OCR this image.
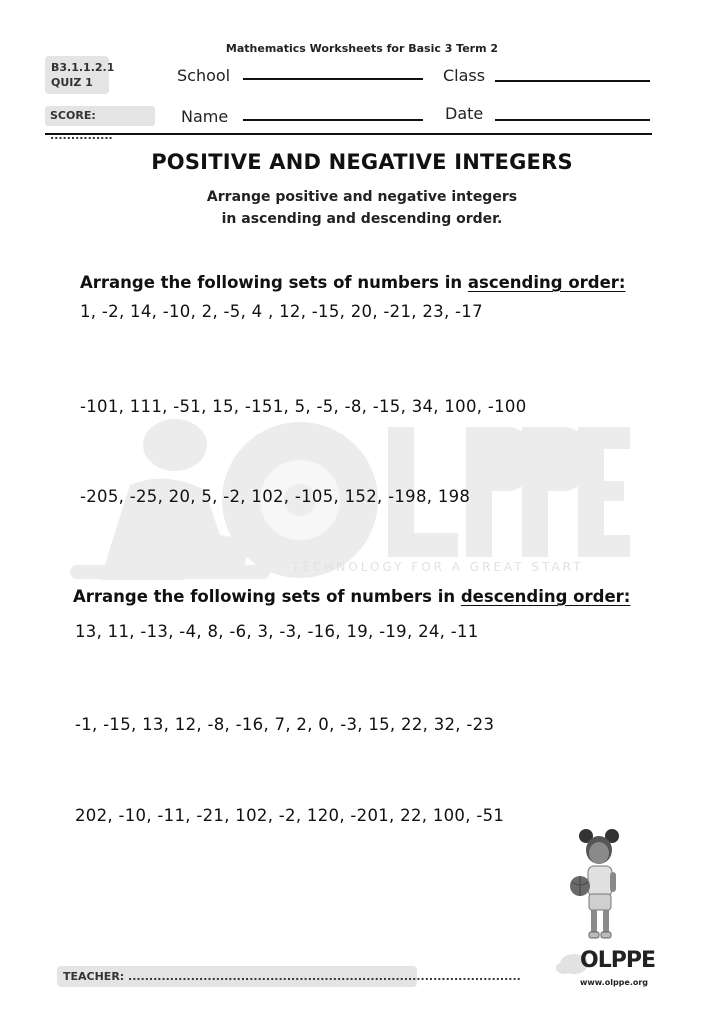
TECHNOLOGY FOR A GREAT START
Mathematics Worksheets for Basic 3 Term 2
B3.1.1.2.1
QUIZ 1
SCORE: ...............
School	Class
Name	Date
POSITIVE AND NEGATIVE INTEGERS
Arrange positive and negative integers
in ascending and descending order.
Arrange the following sets of numbers in ascending order:
1, -2, 14, -10, 2, -5, 4 , 12, -15, 20, -21, 23, -17
-101, 111, -51, 15, -151, 5, -5, -8, -15, 34, 100, -100
-205, -25, 20, 5, -2, 102, -105, 152, -198, 198
Arrange the following sets of numbers in descending order:
13, 11, -13, -4, 8, -6, 3, -3, -16, 19, -19, 24, -11
-1, -15, 13, 12, -8, -16, 7, 2, 0, -3, 15, 22, 32, -23
202, -10, -11, -21, 102, -2, 120, -201, 22, 100, -51
OLPPE
www.olppe.org
TEACHER: ..............................................................................................
